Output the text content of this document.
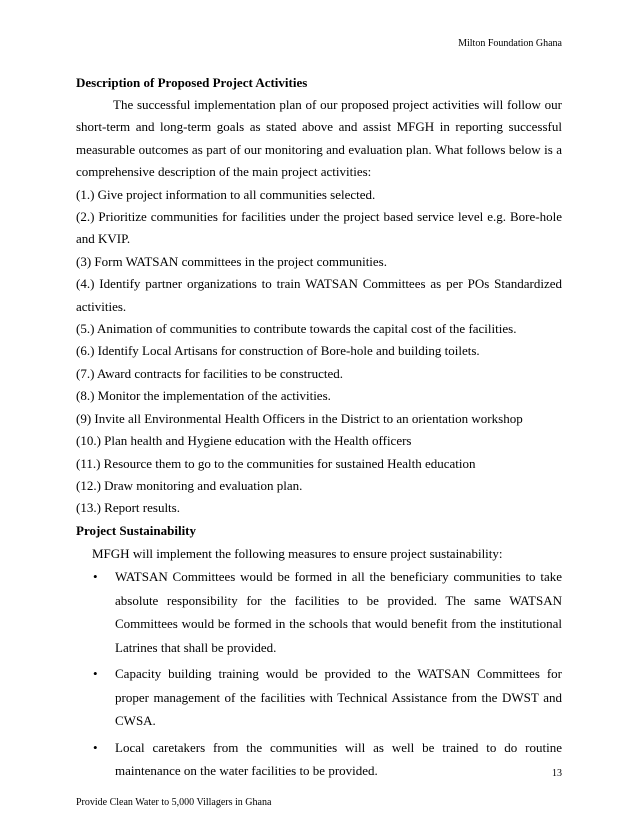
Milton Foundation Ghana
Description of Proposed Project Activities

The successful implementation plan of our proposed project activities will follow our short-term and long-term goals as stated above and assist MFGH in reporting successful measurable outcomes as part of our monitoring and evaluation plan. What follows below is a comprehensive description of the main project activities:

(1.) Give project information to all communities selected.
(2.) Prioritize communities for facilities under the project based service level e.g. Bore-hole and KVIP.
(3) Form WATSAN committees in the project communities.
(4.) Identify partner organizations to train WATSAN Committees as per POs Standardized activities.
(5.) Animation of communities to contribute towards the capital cost of the facilities.
(6.) Identify Local Artisans for construction of Bore-hole and building toilets.
(7.) Award contracts for facilities to be constructed.
(8.) Monitor the implementation of the activities.
(9) Invite all Environmental Health Officers in the District to an orientation workshop
(10.) Plan health and Hygiene education with the Health officers
(11.) Resource them to go to the communities for sustained Health education
(12.) Draw monitoring and evaluation plan.
(13.) Report results.
Project Sustainability
MFGH will implement the following measures to ensure project sustainability:
• WATSAN Committees would be formed in all the beneficiary communities to take absolute responsibility for the facilities to be provided. The same WATSAN Committees would be formed in the schools that would benefit from the institutional Latrines that shall be provided.
• Capacity building training would be provided to the WATSAN Committees for proper management of the facilities with Technical Assistance from the DWST and CWSA.
• Local caretakers from the communities will as well be trained to do routine maintenance on the water facilities to be provided.	13
Provide Clean Water to 5,000 Villagers in Ghana
